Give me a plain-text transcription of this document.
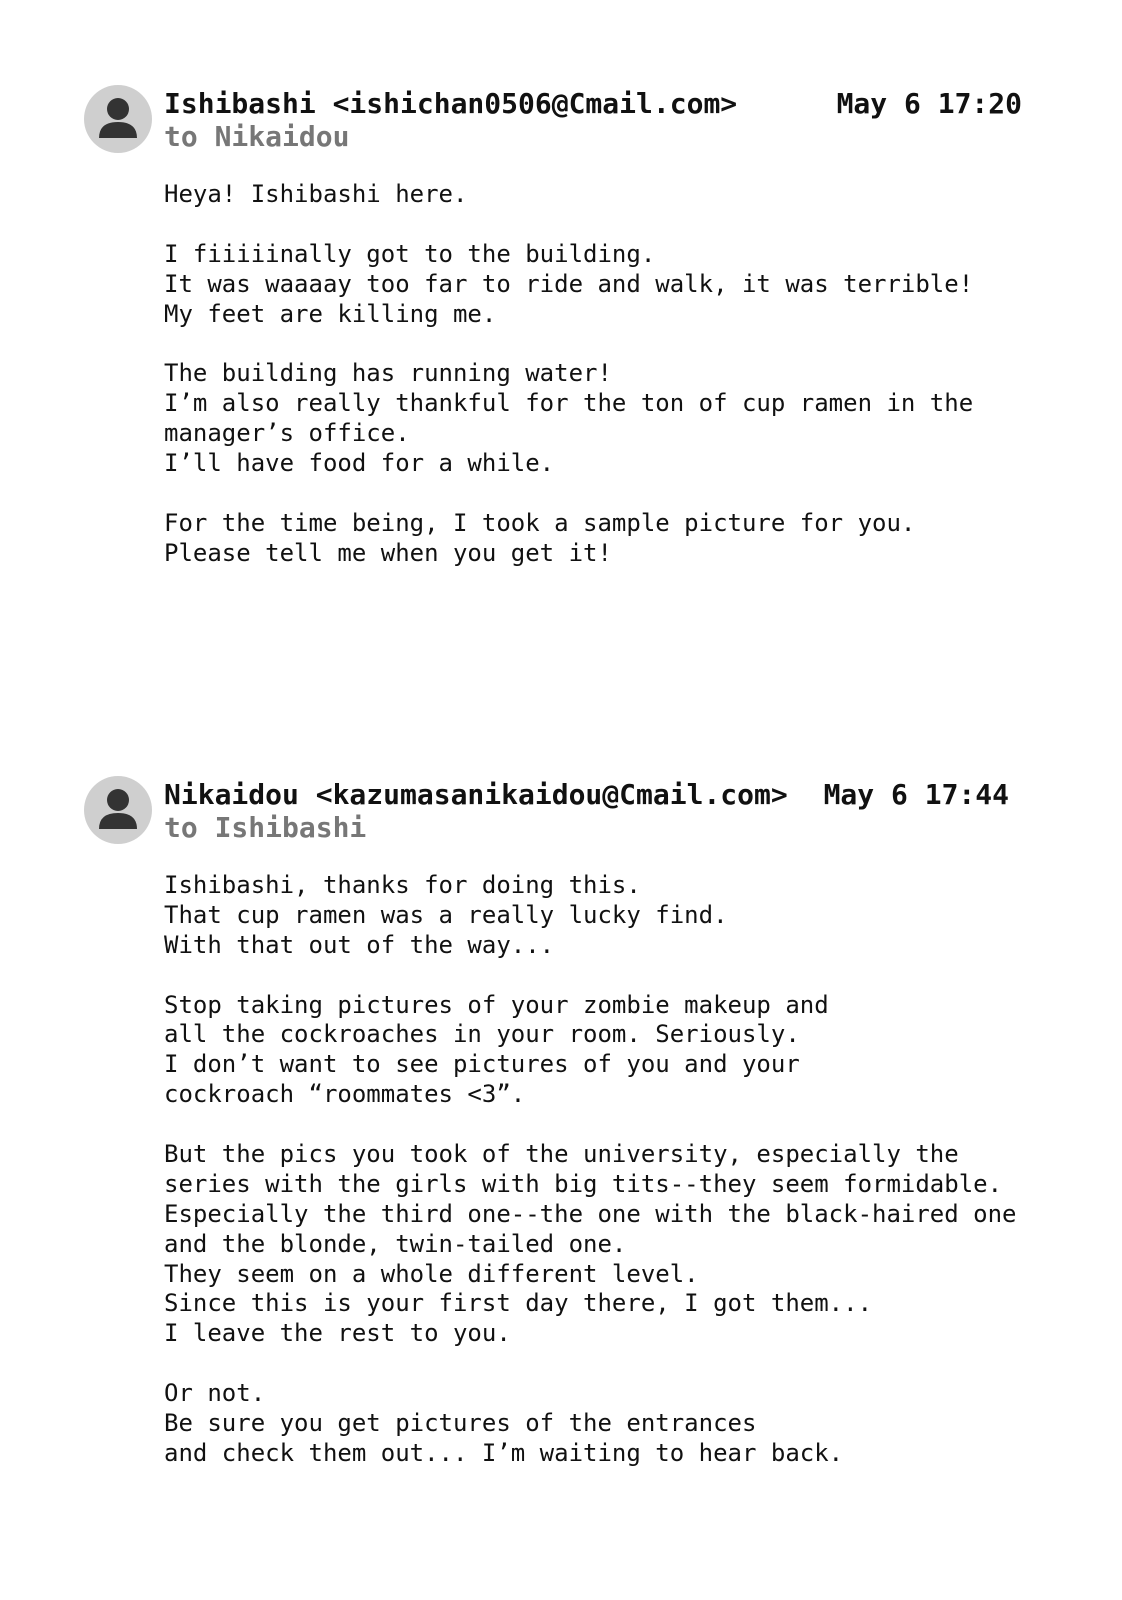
Ishibashi <ishichan0506@Cmail.com>	May 6 17:20
to Nikaidou
Heya! Ishibashi here.
I fiiiiinally got to the building.
It was waaaay too far to ride and walk, it was terrible!
My feet are killing me.
The building has running water!
I’m also really thankful for the ton of cup ramen in the
manager’s office.
I’ll have food for a while.
For the time being, I took a sample picture for you.
Please tell me when you get it!
Nikaidou <kazumasanikaidou@Cmail.com> May 6 17:44
to Ishibashi
Ishibashi, thanks for doing this.
That cup ramen was a really lucky find.
With that out of the way...
Stop taking pictures of your zombie makeup and
all the cockroaches in your room. Seriously.
I don’t want to see pictures of you and your
cockroach “roommates <3”.
But the pics you took of the university, especially the
series with the girls with big tits--they seem formidable.
Especially the third one--the one with the black-haired one
and the blonde, twin-tailed one.
They seem on a whole different level.
Since this is your first day there, I got them...
I leave the rest to you.
Or not.
Be sure you get pictures of the entrances
and check them out... I’m waiting to hear back.
